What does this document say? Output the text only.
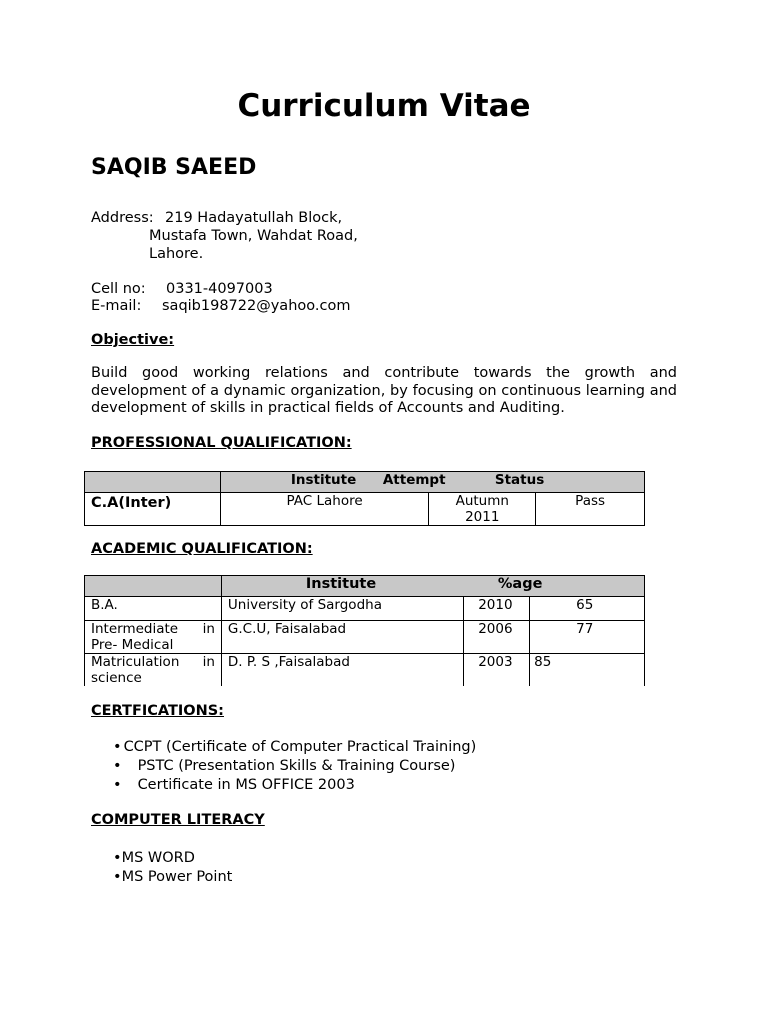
Curriculum Vitae
SAQIB SAEED
Address: 219 Hadayatullah Block,
Mustafa Town, Wahdat Road,
Lahore.
Cell no: 0331-4097003
E-mail: saqib198722@yahoo.com
Objective:
Build good working relations and contribute towards the growth and development of a dynamic organization, by focusing on continuous learning and development of skills in practical fields of Accounts and Auditing.
PROFESSIONAL QUALIFICATION:

	Institute Attempt Status		

C.A(Inter)	PAC Lahore	Autumn
2011	Pass
ACADEMIC QUALIFICATION:

	Institute %age		

B.A.	University of Sargodha	2010	65

Intermediate in
Pre- Medical	G.C.U, Faisalabad	2006	77

Matriculation in
science	D. P. S ,Faisalabad	2003	85
CERTFICATIONS:
• CCPT (Certificate of Computer Practical Training)
• PSTC (Presentation Skills & Training Course)
• Certificate in MS OFFICE 2003
COMPUTER LITERACY
•MS WORD
•MS Power Point
